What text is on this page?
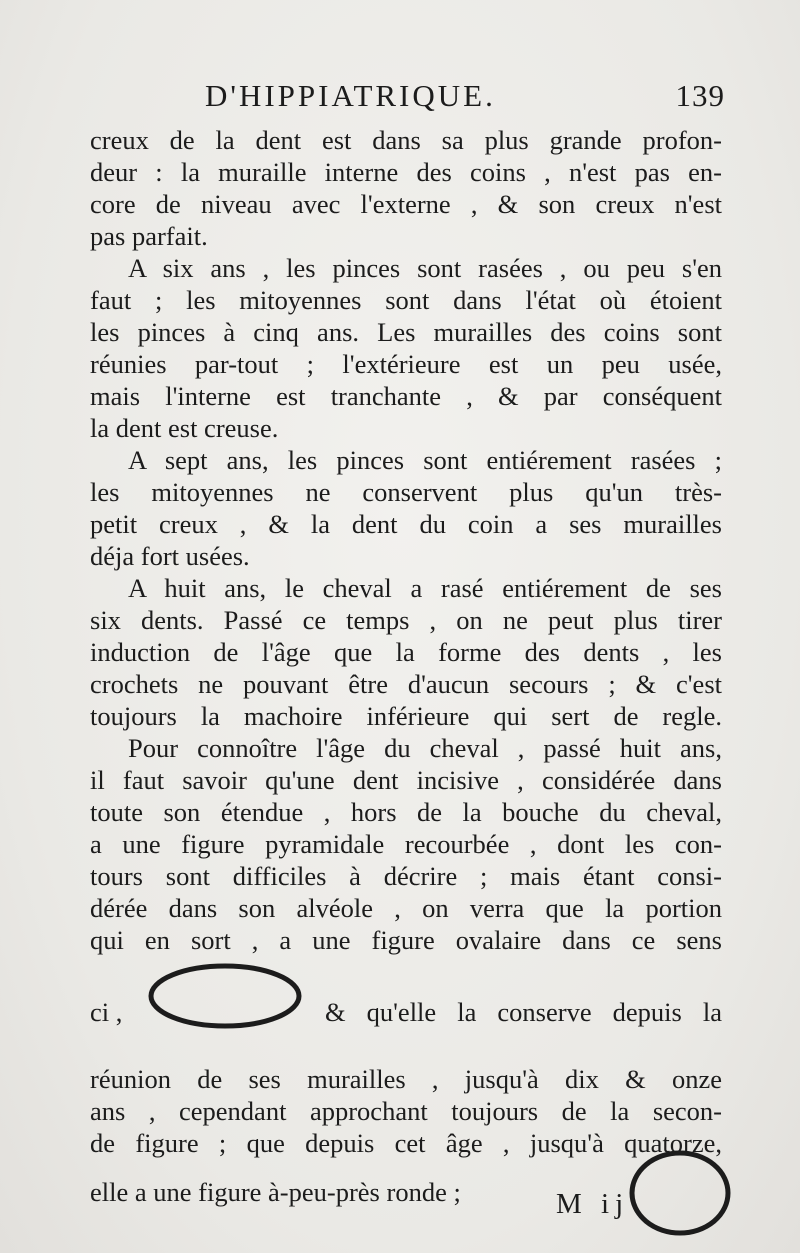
D'HIPPIATRIQUE.	139
creux de la dent est dans sa plus grande profon-
deur : la muraille interne des coins , n'est pas en-
core de niveau avec l'externe , & son creux n'est
pas parfait.
A six ans , les pinces sont rasées , ou peu s'en
faut ; les mitoyennes sont dans l'état où étoient
les pinces à cinq ans. Les murailles des coins sont
réunies par-tout ; l'extérieure est un peu usée,
mais l'interne est tranchante , & par conséquent
la dent est creuse.
A sept ans, les pinces sont entiérement rasées ;
les mitoyennes ne conservent plus qu'un très-
petit creux , & la dent du coin a ses murailles
déja fort usées.
A huit ans, le cheval a rasé entiérement de ses
six dents. Passé ce temps , on ne peut plus tirer
induction de l'âge que la forme des dents , les
crochets ne pouvant être d'aucun secours ; & c'est
toujours la machoire inférieure qui sert de regle.
Pour connoître l'âge du cheval , passé huit ans,
il faut savoir qu'une dent incisive , considérée dans
toute son étendue , hors de la bouche du cheval,
a une figure pyramidale recourbée , dont les con-
tours sont difficiles à décrire ; mais étant consi-
dérée dans son alvéole , on verra que la portion
qui en sort , a une figure ovalaire dans ce sens
ci ,	& qu'elle la conserve depuis la
réunion de ses murailles , jusqu'à dix & onze
ans , cependant approchant toujours de la secon-
de figure ; que depuis cet âge , jusqu'à quatorze,
elle a une figure à-peu-près ronde ;	M ij
